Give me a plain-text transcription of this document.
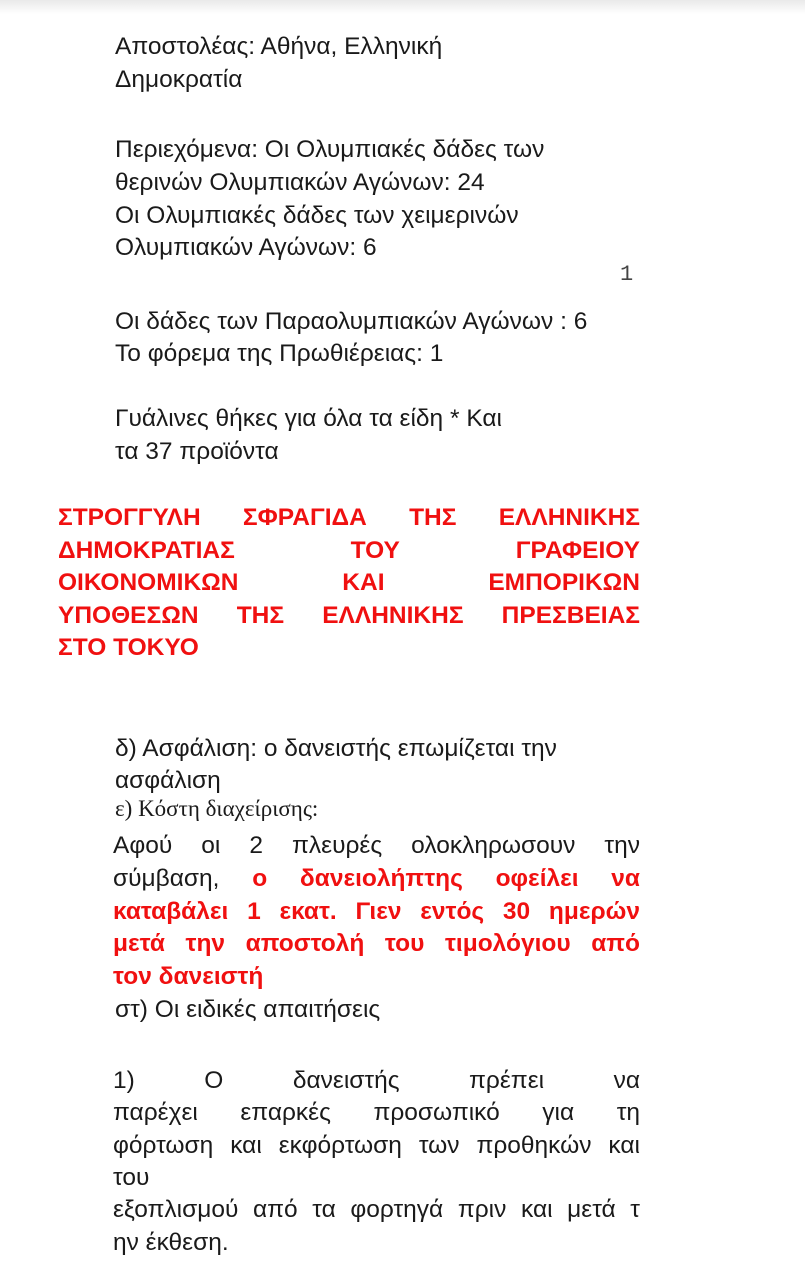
Αποστολέας: Αθήνα, Ελληνική
Δημοκρατία
Περιεχόμενα: Οι Ολυμπιακές δάδες των
θερινών Ολυμπιακών Αγώνων: 24
Οι Ολυμπιακές δάδες των χειμερινών
Ολυμπιακών Αγώνων: 6
1
Οι δάδες των Παραολυμπιακών Αγώνων : 6
Το φόρεμα της Πρωθιέρειας: 1
Γυάλινες θήκες για όλα τα είδη * Και
τα 37 προϊόντα
ΣΤΡΟΓΓΥΛΗ ΣΦΡΑΓΙΔΑ ΤΗΣ ΕΛΛΗΝΙΚΗΣ
ΔΗΜΟΚΡΑΤΙΑΣ ΤΟΥ ΓΡΑΦΕΙΟΥ
ΟΙΚΟΝΟΜΙΚΩΝ ΚΑΙ ΕΜΠΟΡΙΚΩΝ
ΥΠΟΘΕΣΩΝ ΤΗΣ ΕΛΛΗΝΙΚΗΣ ΠΡΕΣΒΕΙΑΣ
ΣΤΟ ΤΟΚΥΟ
δ) Ασφάλιση: ο δανειστής επωμίζεται την
ασφάλιση
ε) Κόστη διαχείρισης:
Αφού οι 2 πλευρές ολοκληρωσουν την
σύμβαση, ο δανειολήπτης οφείλει να
καταβάλει 1 εκατ. Γιεν εντός 30 ημερών
μετά την αποστολή του τιμολόγιου από
τον δανειστή
στ) Οι ειδικές απαιτήσεις
1) Ο δανειστής πρέπει να
παρέχει επαρκές προσωπικό για τη
φόρτωση και εκφόρτωση των προθηκών και
του
εξοπλισμού από τα φορτηγά πριν και μετά τ
ην έκθεση.
